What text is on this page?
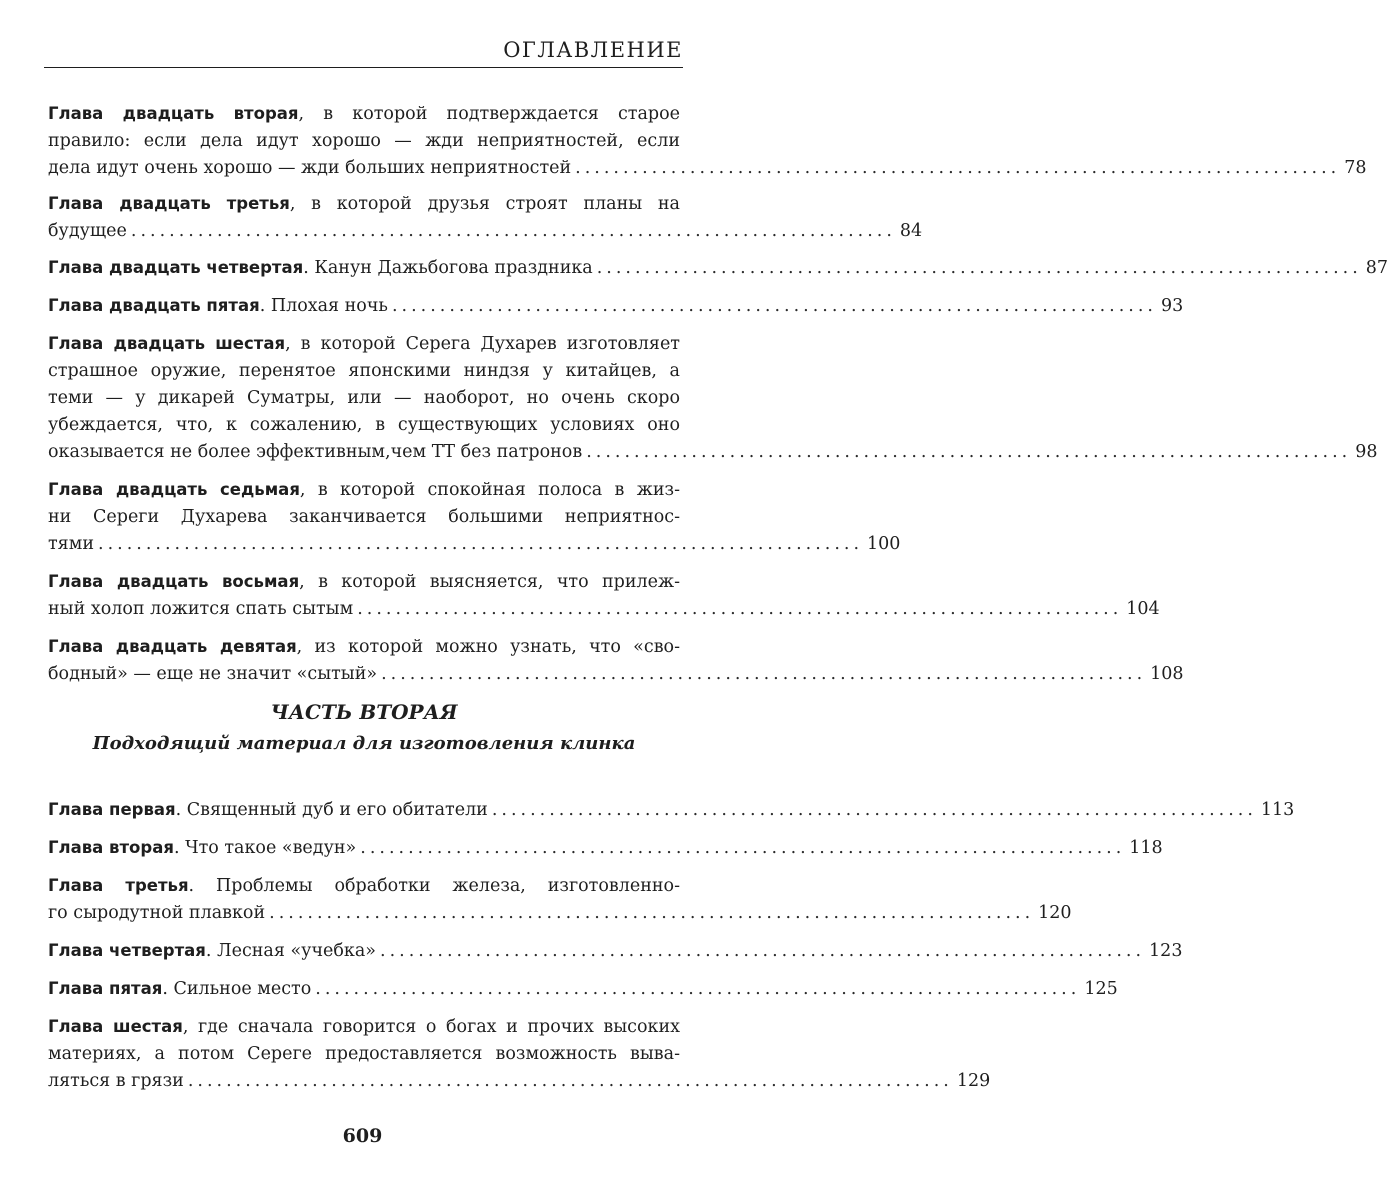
ОГЛАВЛЕНИЕ
Глава двадцать вторая, в которой подтверждается старое
правило: если дела идут хорошо — жди неприятностей, если
дела идут очень хорошо — жди больших неприятностей ................................................................................ 78
Глава двадцать третья, в которой друзья строят планы на
будущее ................................................................................ 84
Глава двадцать четвертая. Канун Дажьбогова праздника ................................................................................ 87
Глава двадцать пятая. Плохая ночь ................................................................................ 93
Глава двадцать шестая, в которой Серега Духарев изготовляет
страшное оружие, перенятое японскими ниндзя у китайцев, а
теми — у дикарей Суматры, или — наоборот, но очень скоро
убеждается, что, к сожалению, в существующих условиях оно
оказывается не более эффективным,чем ТТ без патронов ................................................................................ 98
Глава двадцать седьмая, в которой спокойная полоса в жиз-
ни Сереги Духарева заканчивается большими неприятнос-
тями ................................................................................ 100
Глава двадцать восьмая, в которой выясняется, что прилеж-
ный холоп ложится спать сытым ................................................................................ 104
Глава двадцать девятая, из которой можно узнать, что «сво-
бодный» — еще не значит «сытый» ................................................................................ 108
ЧАСТЬ ВТОРАЯ
Подходящий материал для изготовления клинка
Глава первая. Священный дуб и его обитатели ................................................................................ 113
Глава вторая. Что такое «ведун» ................................................................................ 118
Глава третья. Проблемы обработки железа, изготовленно-
го сыродутной плавкой ................................................................................ 120
Глава четвертая. Лесная «учебка» ................................................................................ 123
Глава пятая. Сильное место ................................................................................ 125
Глава шестая, где сначала говорится о богах и прочих высоких
материях, а потом Сереге предоставляется возможность выва-
ляться в грязи ................................................................................ 129
609
